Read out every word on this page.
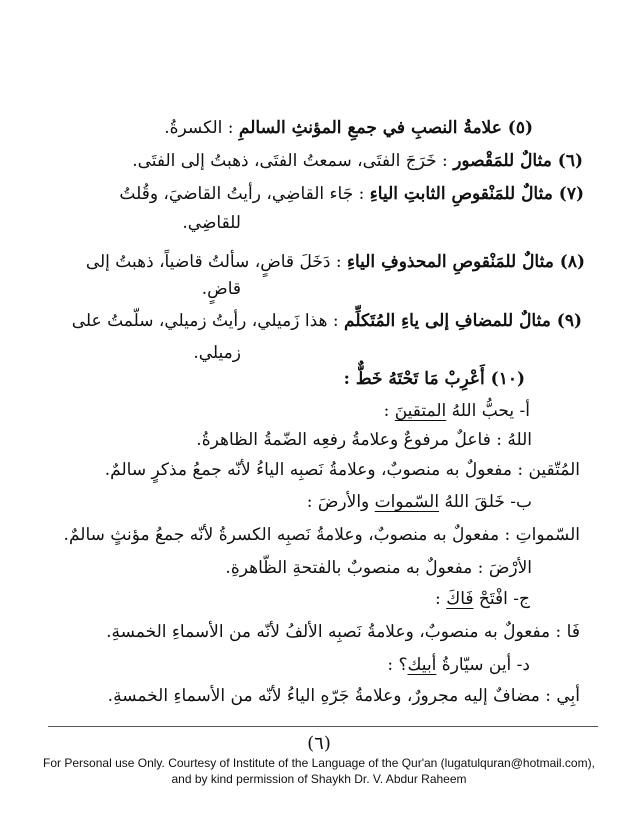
(٥) علامةُ النصبِ في جمعِ المؤنثِ السالمِ : الكسرةُ.
(٦) مثالٌ للمَقْصور : خَرَجَ الفتَى، سمعتُ الفتَى، ذهبتُ إلى الفتَى.
(٧) مثالٌ للمَنْقوصِ الثابتِ الياءِ : جَاء القاضِي، رأيتُ القاضيَ، وقُلتُ
للقاضِي.
(٨) مثالٌ للمَنْقوصِ المحذوفِ الياءِ : دَخَلَ قاضٍ، سألتُ قاضياً، ذهبتُ إلى
قاضٍ.
(٩) مثالٌ للمضافِ إلى ياءِ المُتَكلِّم : هذا زَميلي، رأيتُ زميلي، سلّمتُ على
زميلي.
(١٠) أَعْرِبْ مَا تَحْتَهُ خَطٌّ :
أ- يحبُّ اللهُ المتقينَ :
اللهُ : فاعلٌ مرفوعٌ وعلامةُ رفعِه الضّمةُ الظاهرةُ.
المُتّقين : مفعولٌ به منصوبٌ، وعلامةُ نَصبِه الياءُ لأنّه جمعُ مذكرٍ سالمٌ.
ب- خَلقَ اللهُ السّموات والأرضَ :
السّمواتِ : مفعولٌ به منصوبٌ، وعلامةُ نَصبِه الكسرةُ لأنّه جمعُ مؤنثٍ سالمٌ.
الأرْضَ : مفعولٌ به منصوبٌ بالفتحةِ الظّاهرةِ.
ج- افْتَحْ فَاكَ :
فَا : مفعولٌ به منصوبٌ، وعلامةُ نَصبِه الألفُ لأنّه من الأسماءِ الخمسةِ.
د- أين سيّارةُ أبيك؟ :
أبِي : مضافٌ إليه مجرورٌ، وعلامةُ جَرّهِ الياءُ لأنّه من الأسماءِ الخمسةِ.
(٦)
For Personal use Only. Courtesy of Institute of the Language of the Qur'an (lugatulquran@hotmail.com),
and by kind permission of Shaykh Dr. V. Abdur Raheem
